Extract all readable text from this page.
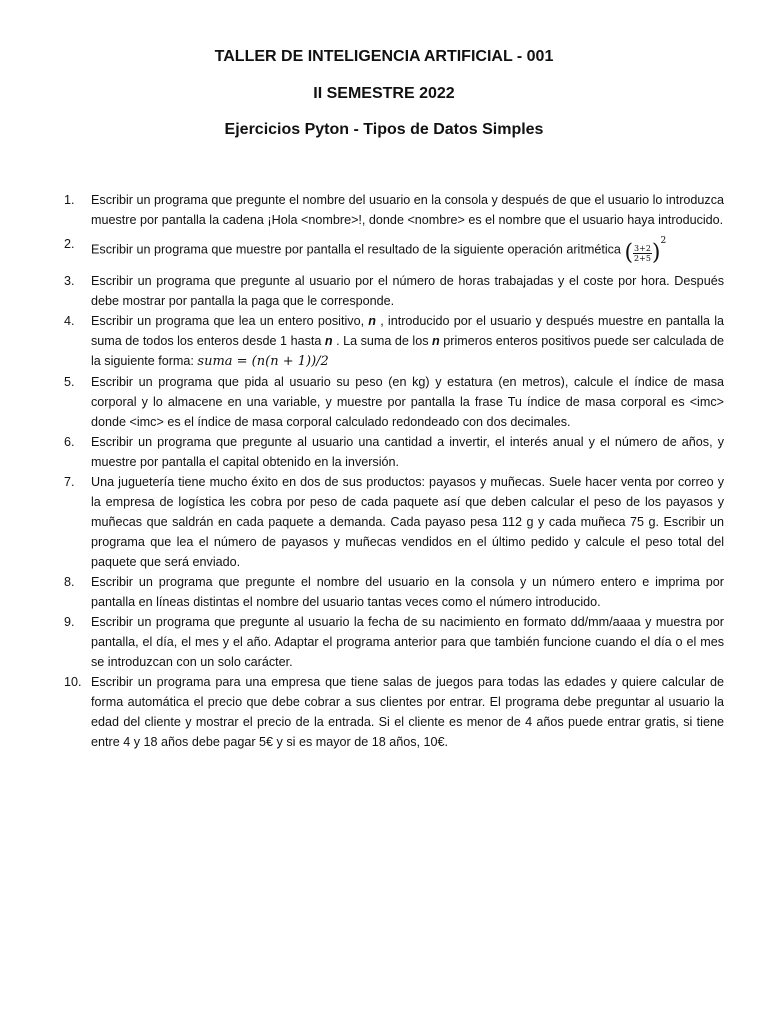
TALLER DE INTELIGENCIA ARTIFICIAL - 001
II SEMESTRE 2022
Ejercicios Pyton - Tipos de Datos Simples
1.	Escribir un programa que pregunte el nombre del usuario en la consola y después de que el usuario lo introduzca muestre por pantalla la cadena ¡Hola <nombre>!, donde <nombre> es el nombre que el usuario haya introducido.
2.	Escribir un programa que muestre por pantalla el resultado de la siguiente operación aritmética ( $\frac{3+2}{2+5} )^2$
3.	Escribir un programa que pregunte al usuario por el número de horas trabajadas y el coste por hora. Después debe mostrar por pantalla la paga que le corresponde.
4.	Escribir un programa que lea un entero positivo, n , introducido por el usuario y después muestre en pantalla la suma de todos los enteros desde 1 hasta n . La suma de los n primeros enteros positivos puede ser calculada de la siguiente forma: suma = (n(n + 1))/2
5.	Escribir un programa que pida al usuario su peso (en kg) y estatura (en metros), calcule el índice de masa corporal y lo almacene en una variable, y muestre por pantalla la frase Tu índice de masa corporal es <imc> donde <imc> es el índice de masa corporal calculado redondeado con dos decimales.
6.	Escribir un programa que pregunte al usuario una cantidad a invertir, el interés anual y el número de años, y muestre por pantalla el capital obtenido en la inversión.
7.	Una juguetería tiene mucho éxito en dos de sus productos: payasos y muñecas. Suele hacer venta por correo y la empresa de logística les cobra por peso de cada paquete así que deben calcular el peso de los payasos y muñecas que saldrán en cada paquete a demanda. Cada payaso pesa 112 g y cada muñeca 75 g. Escribir un programa que lea el número de payasos y muñecas vendidos en el último pedido y calcule el peso total del paquete que será enviado.
8.	Escribir un programa que pregunte el nombre del usuario en la consola y un número entero e imprima por pantalla en líneas distintas el nombre del usuario tantas veces como el número introducido.
9.	Escribir un programa que pregunte al usuario la fecha de su nacimiento en formato dd/mm/aaaa y muestra por pantalla, el día, el mes y el año. Adaptar el programa anterior para que también funcione cuando el día o el mes se introduzcan con un solo carácter.
10. Escribir un programa para una empresa que tiene salas de juegos para todas las edades y quiere calcular de forma automática el precio que debe cobrar a sus clientes por entrar. El programa debe preguntar al usuario la edad del cliente y mostrar el precio de la entrada. Si el cliente es menor de 4 años puede entrar gratis, si tiene entre 4 y 18 años debe pagar 5€ y si es mayor de 18 años, 10€.
